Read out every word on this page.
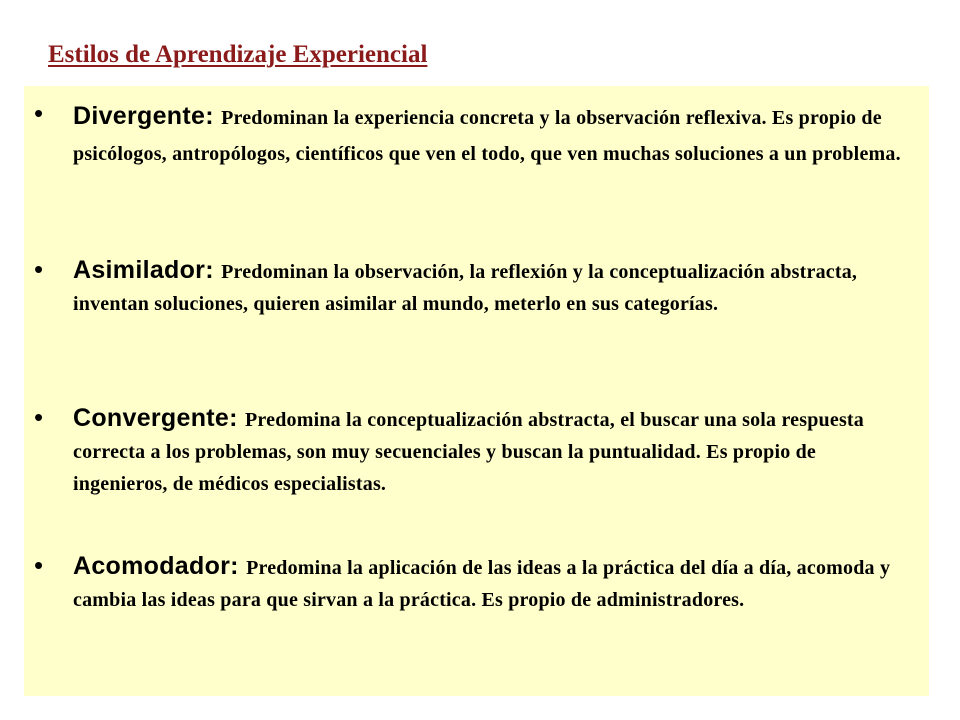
Estilos de Aprendizaje Experiencial
• Divergente: Predominan la experiencia concreta y la observación reflexiva. Es propio de psicólogos, antropólogos, científicos que ven el todo, que ven muchas soluciones a un problema.

• Asimilador: Predominan la observación, la reflexión y la conceptualización abstracta, inventan soluciones, quieren asimilar al mundo, meterlo en sus categorías.

• Convergente: Predomina la conceptualización abstracta, el buscar una sola respuesta correcta a los problemas, son muy secuenciales y buscan la puntualidad. Es propio de ingenieros, de médicos especialistas.

• Acomodador: Predomina la aplicación de las ideas a la práctica del día a día, acomoda y cambia las ideas para que sirvan a la práctica. Es propio de administradores.
